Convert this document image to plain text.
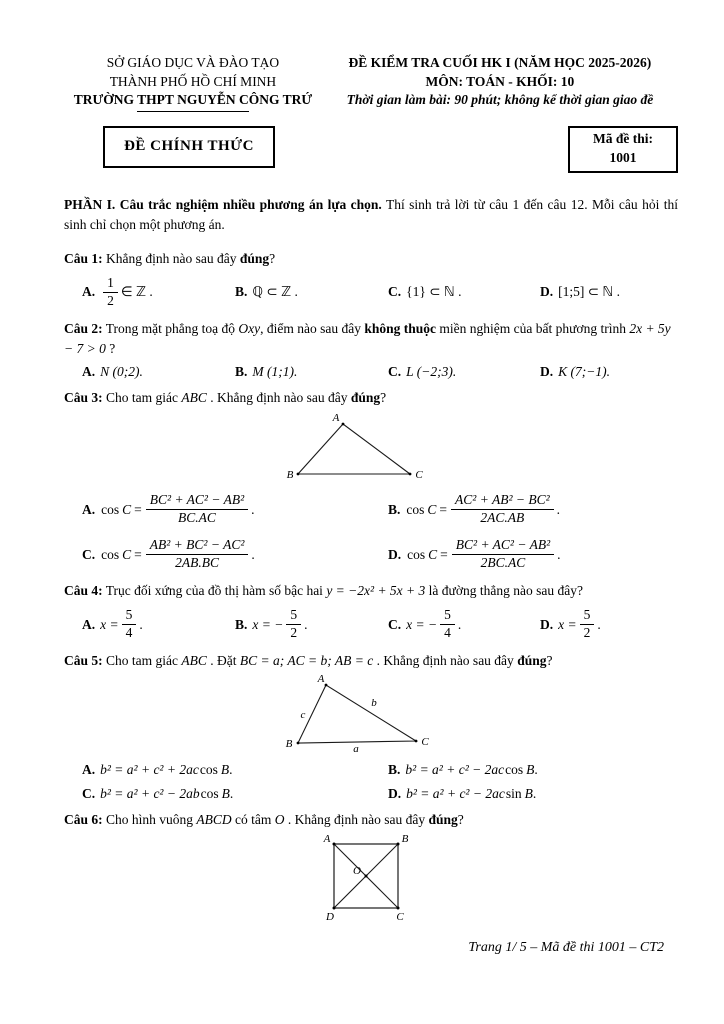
SỞ GIÁO DỤC VÀ ĐÀO TẠO
THÀNH PHỐ HỒ CHÍ MINH
TRƯỜNG THPT NGUYỄN CÔNG TRỨ
ĐỀ KIỂM TRA CUỐI HK I (NĂM HỌC 2025-2026)
MÔN: TOÁN - KHỐI: 10
Thời gian làm bài: 90 phút; không kể thời gian giao đề
ĐỀ CHÍNH THỨC	Mã đề thi:
1001

PHẦN I. Câu trắc nghiệm nhiều phương án lựa chọn. Thí sinh trả lời từ câu 1 đến câu 12. Mỗi câu hỏi thí sinh chỉ chọn một phương án.

Câu 1: Khẳng định nào sau đây đúng?

A. $\frac{1}{2}$ ∈ ℤ .	B. ℚ ⊂ ℤ .	C. {1} ⊂ ℕ .	D. [1;5] ⊂ ℕ .

Câu 2: Trong mặt phẳng toạ độ Oxy, điểm nào sau đây không thuộc miền nghiệm của bất phương trình 2x + 5y − 7 > 0 ?

A. N (0;2).	B. M (1;1).	C. L (−2;3).	D. K (7;−1).

Câu 3: Cho tam giác ABC . Khẳng định nào sau đây đúng?

A
B	C
A. $\cos C = \frac{\text{BC² + AC² − AB²}}{BC.AC}$ .	B. $\cos C = \frac{\text{AC² + AB² − BC²}}{2AC.AB}$ .
C. $\cos C = \frac{\text{AB² + BC² − AC²}}{2AB.BC}$ .	D. $\cos C = \frac{\text{BC² + AC² − AB²}}{2BC.AC}$ .

Câu 4: Trục đối xứng của đồ thị hàm số bậc hai y = −2x² + 5x + 3 là đường thẳng nào sau đây?

A. $x = \frac{5}{4}$ .	B. x = − $\frac{5}{2}$ .	C. x = − $\frac{5}{4}$ .	D. $x = \frac{5}{2}$ .

Câu 5: Cho tam giác ABC . Đặt BC = a; AC = b; AB = c . Khẳng định nào sau đây đúng?

A
B	C
c
b
a
A. b² = a² + c² + 2ac cos B .	B. b² = a² + c² − 2ac cos B .
C. b² = a² + c² − 2ab cos B .	D. b² = a² + c² − 2ac sin B .

Câu 6: Cho hình vuông ABCD có tâm O . Khẳng định nào sau đây đúng?

A	B
C
D
O
Trang 1/ 5 – Mã đề thi 1001 – CT2
